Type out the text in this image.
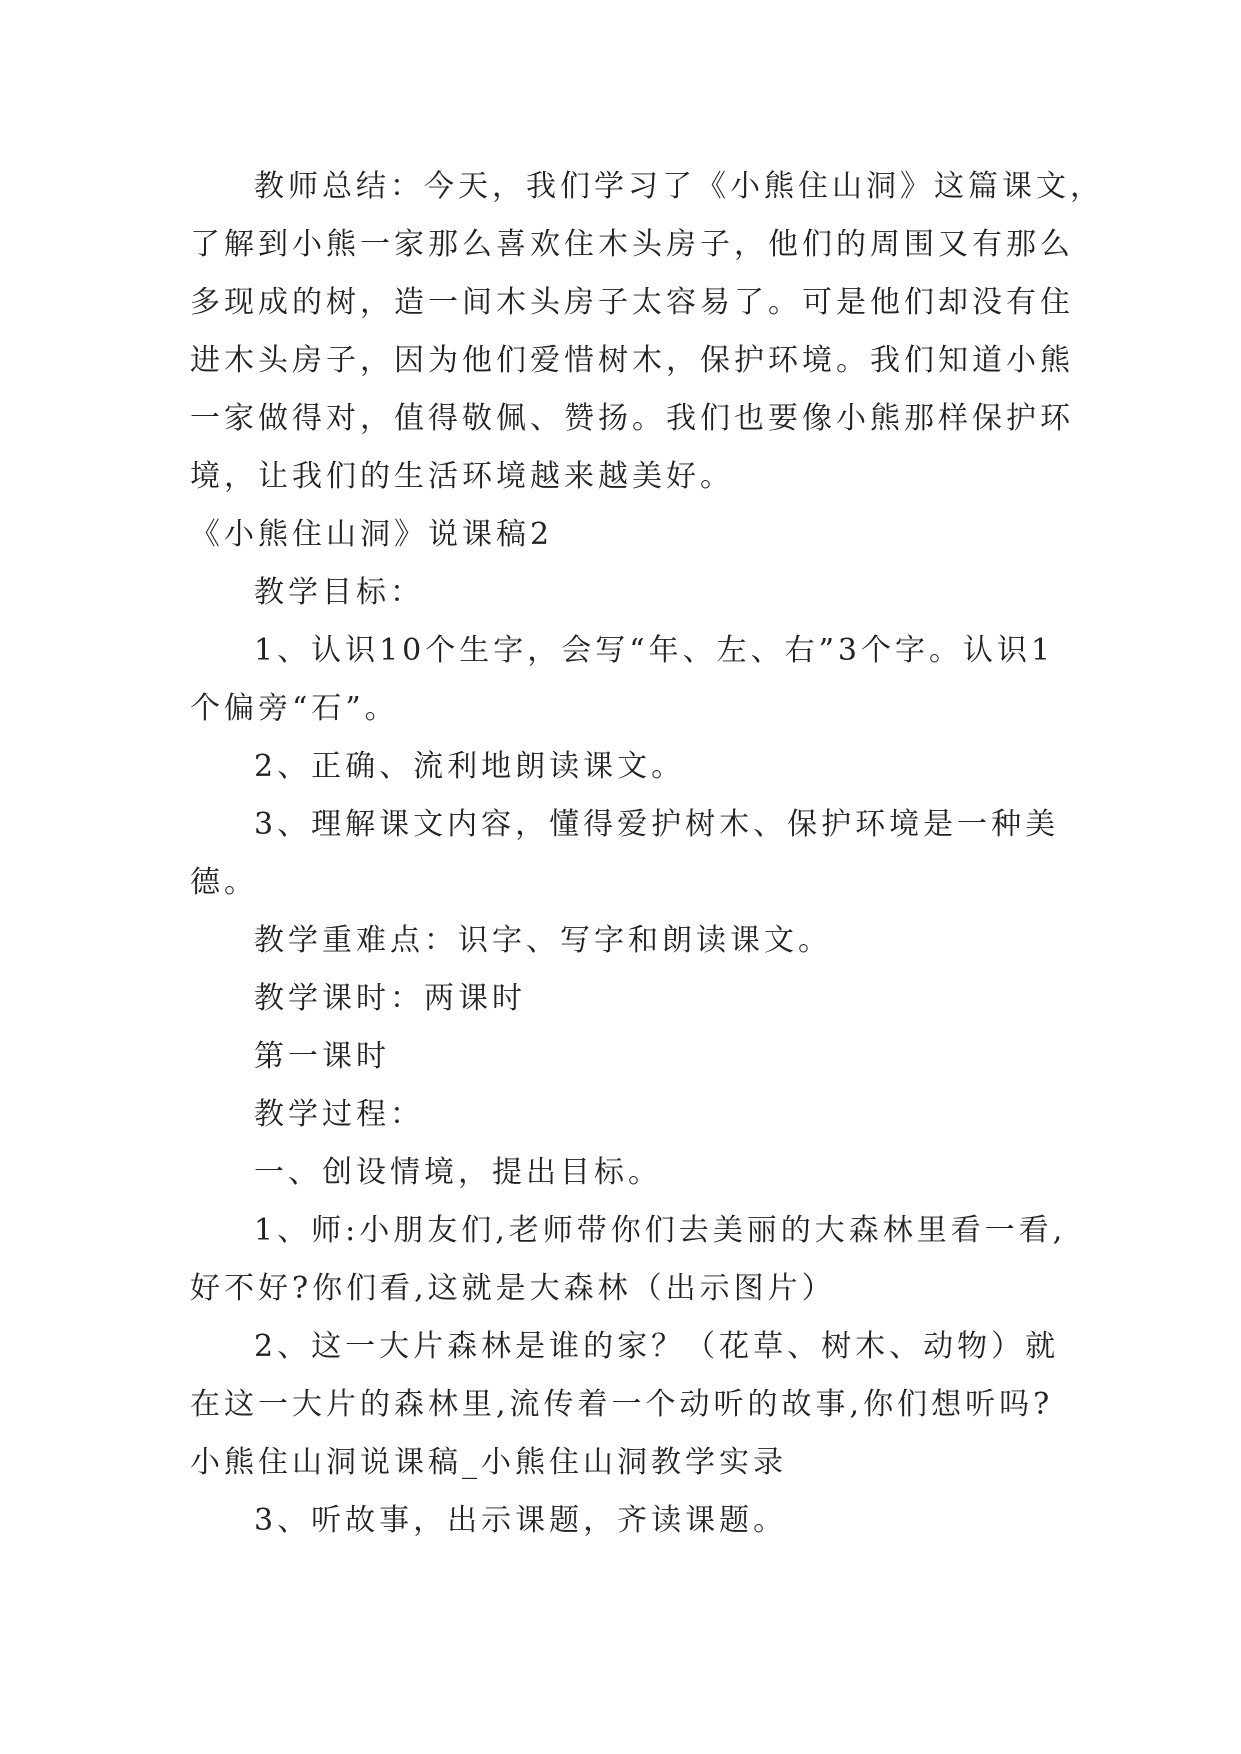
教师总结：今天，我们学习了《小熊住山洞》这篇课文，
了解到小熊一家那么喜欢住木头房子，他们的周围又有那么
多现成的树，造一间木头房子太容易了。可是他们却没有住
进木头房子，因为他们爱惜树木，保护环境。我们知道小熊
一家做得对，值得敬佩、赞扬。我们也要像小熊那样保护环
境，让我们的生活环境越来越美好。
《小熊住山洞》说课稿2
教学目标：
1、认识10个生字，会写“年、左、右”3个字。认识1
个偏旁“石”。
2、正确、流利地朗读课文。
3、理解课文内容，懂得爱护树木、保护环境是一种美
德。
教学重难点：识字、写字和朗读课文。
教学课时：两课时
第一课时
教学过程：
一、创设情境，提出目标。
1、师:小朋友们,老师带你们去美丽的大森林里看一看,
好不好?你们看,这就是大森林（出示图片）
2、这一大片森林是谁的家？（花草、树木、动物）就
在这一大片的森林里,流传着一个动听的故事,你们想听吗?
小熊住山洞说课稿_小熊住山洞教学实录
3、听故事，出示课题，齐读课题。
